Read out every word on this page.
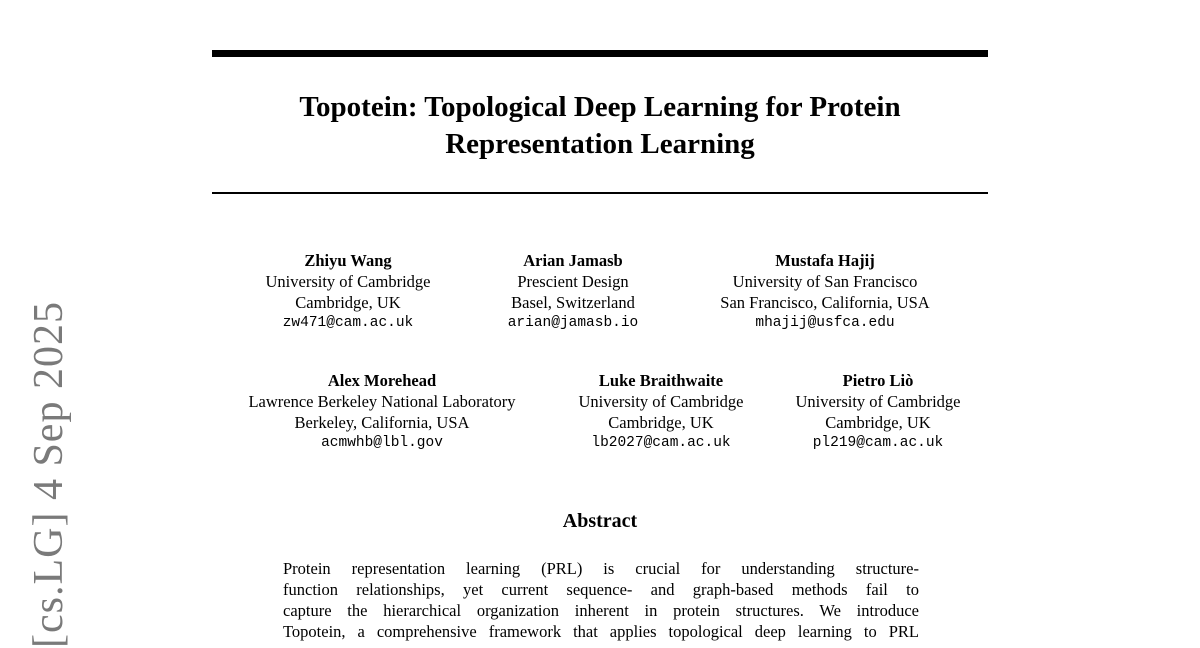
[cs.LG] 4 Sep 2025
Topotein: Topological Deep Learning for Protein
Representation Learning
Zhiyu Wang
University of Cambridge
Cambridge, UK
zw471@cam.ac.uk
Arian Jamasb
Prescient Design
Basel, Switzerland
arian@jamasb.io
Mustafa Hajij
University of San Francisco
San Francisco, California, USA
mhajij@usfca.edu
Alex Morehead
Lawrence Berkeley National Laboratory
Berkeley, California, USA
acmwhb@lbl.gov
Luke Braithwaite
University of Cambridge
Cambridge, UK
lb2027@cam.ac.uk
Pietro Liò
University of Cambridge
Cambridge, UK
pl219@cam.ac.uk
Abstract
Protein representation learning (PRL) is crucial for understanding structure-
function relationships, yet current sequence- and graph-based methods fail to
capture the hierarchical organization inherent in protein structures. We introduce
Topotein, a comprehensive framework that applies topological deep learning to PRL
